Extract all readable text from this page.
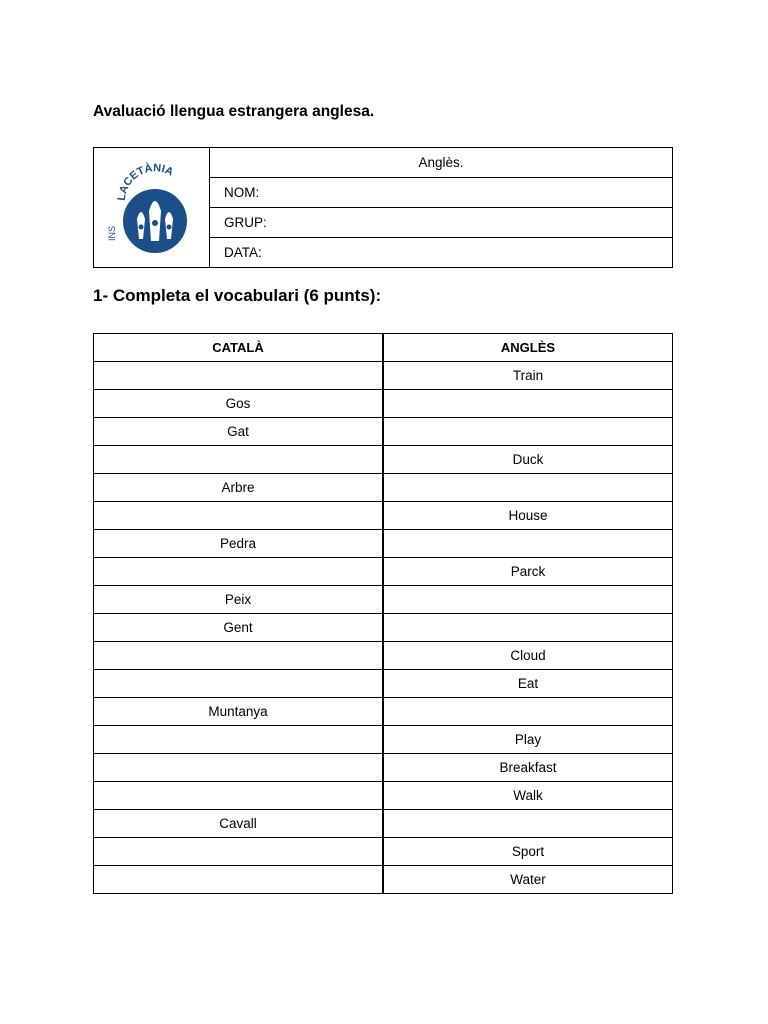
Avaluació llengua estrangera anglesa.
LACETÀNIA
INS
Anglès.
NOM:
GRUP:
DATA:
1- Completa el vocabulari (6 punts):
CATALÀ	ANGLÈS
	Train
Gos	
Gat	
	Duck
Arbre	
	House
Pedra	
	Parck
Peix	
Gent	
	Cloud
	Eat
Muntanya	
	Play
	Breakfast
	Walk
Cavall	
	Sport
	Water
